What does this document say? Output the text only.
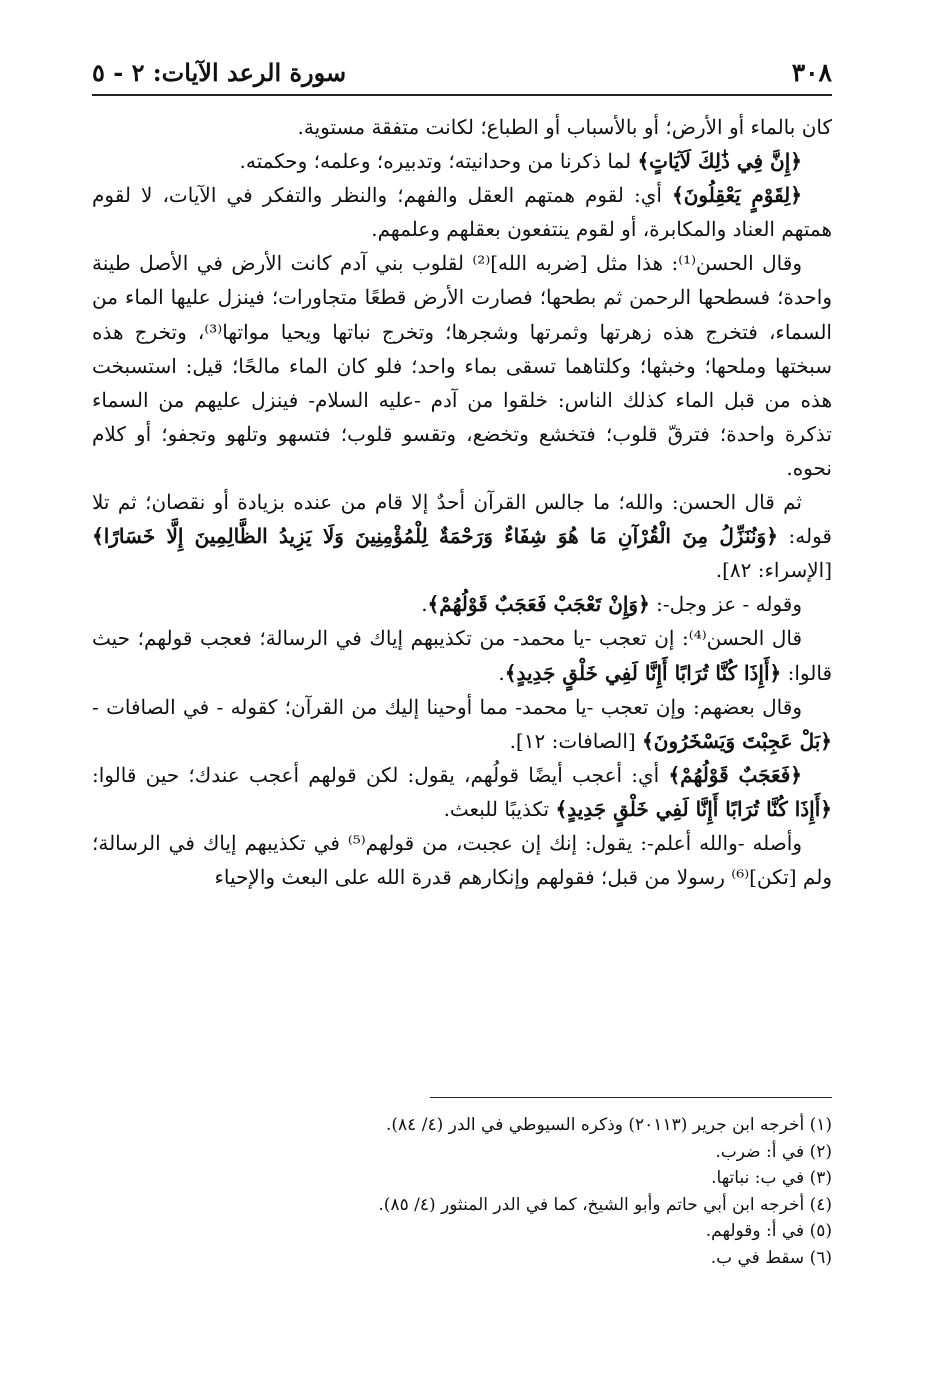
٣٠٨
سورة الرعد الآيات: ٢ - ٥

كان بالماء أو الأرض؛ أو بالأسباب أو الطباع؛ لكانت متفقة مستوية.

﴿إِنَّ فِي ذَٰلِكَ لَآيَاتٍ﴾ لما ذكرنا من وحدانيته؛ وتدبيره؛ وعلمه؛ وحكمته.

﴿لِقَوْمٍ يَعْقِلُونَ﴾ أي: لقوم همتهم العقل والفهم؛ والنظر والتفكر في الآيات، لا لقوم همتهم العناد والمكابرة، أو لقوم ينتفعون بعقلهم وعلمهم.

وقال الحسن⁽¹⁾: هذا مثل [ضربه الله]⁽²⁾ لقلوب بني آدم كانت الأرض في الأصل طينة واحدة؛ فسطحها الرحمن ثم بطحها؛ فصارت الأرض قطعًا متجاورات؛ فينزل عليها الماء من السماء، فتخرج هذه زهرتها وثمرتها وشجرها؛ وتخرج نباتها ويحيا مواتها⁽³⁾، وتخرج هذه سبختها وملحها؛ وخبثها؛ وكلتاهما تسقى بماء واحد؛ فلو كان الماء مالحًا؛ قيل: استسبخت هذه من قبل الماء كذلك الناس: خلقوا من آدم -عليه السلام- فينزل عليهم من السماء تذكرة واحدة؛ فترقّ قلوب؛ فتخشع وتخضع، وتقسو قلوب؛ فتسهو وتلهو وتجفو؛ أو كلام نحوه.

ثم قال الحسن: والله؛ ما جالس القرآن أحدٌ إلا قام من عنده بزيادة أو نقصان؛ ثم تلا قوله: ﴿وَنُنَزِّلُ مِنَ الْقُرْآنِ مَا هُوَ شِفَاءٌ وَرَحْمَةٌ لِلْمُؤْمِنِينَ وَلَا يَزِيدُ الظَّالِمِينَ إِلَّا خَسَارًا﴾ [الإسراء: ٨٢].

وقوله - عز وجل-: ﴿وَإِنْ تَعْجَبْ فَعَجَبٌ قَوْلُهُمْ﴾.

قال الحسن⁽⁴⁾: إن تعجب -يا محمد- من تكذيبهم إياك في الرسالة؛ فعجب قولهم؛ حيث قالوا: ﴿أَإِذَا كُنَّا تُرَابًا أَإِنَّا لَفِي خَلْقٍ جَدِيدٍ﴾.

وقال بعضهم: وإن تعجب -يا محمد- مما أوحينا إليك من القرآن؛ كقوله - في الصافات - ﴿بَلْ عَجِبْتَ وَيَسْخَرُونَ﴾ [الصافات: ١٢].

﴿فَعَجَبٌ قَوْلُهُمْ﴾ أي: أعجب أيضًا قولُهم، يقول: لكن قولهم أعجب عندك؛ حين قالوا: ﴿أَإِذَا كُنَّا تُرَابًا أَإِنَّا لَفِي خَلْقٍ جَدِيدٍ﴾ تكذيبًا للبعث.

وأصله -والله أعلم-: يقول: إنك إن عجبت، من قولهم⁽⁵⁾ في تكذيبهم إياك في الرسالة؛ ولم [تكن]⁽⁶⁾ رسولا من قبل؛ فقولهم وإنكارهم قدرة الله على البعث والإحياء

(١) أخرجه ابن جرير (٢٠١١٣) وذكره السيوطي في الدر (٤/ ٨٤).

(٢) في أ: ضرب.

(٣) في ب: نباتها.

(٤) أخرجه ابن أبي حاتم وأبو الشيخ، كما في الدر المنثور (٤/ ٨٥).

(٥) في أ: وقولهم.

(٦) سقط في ب.
